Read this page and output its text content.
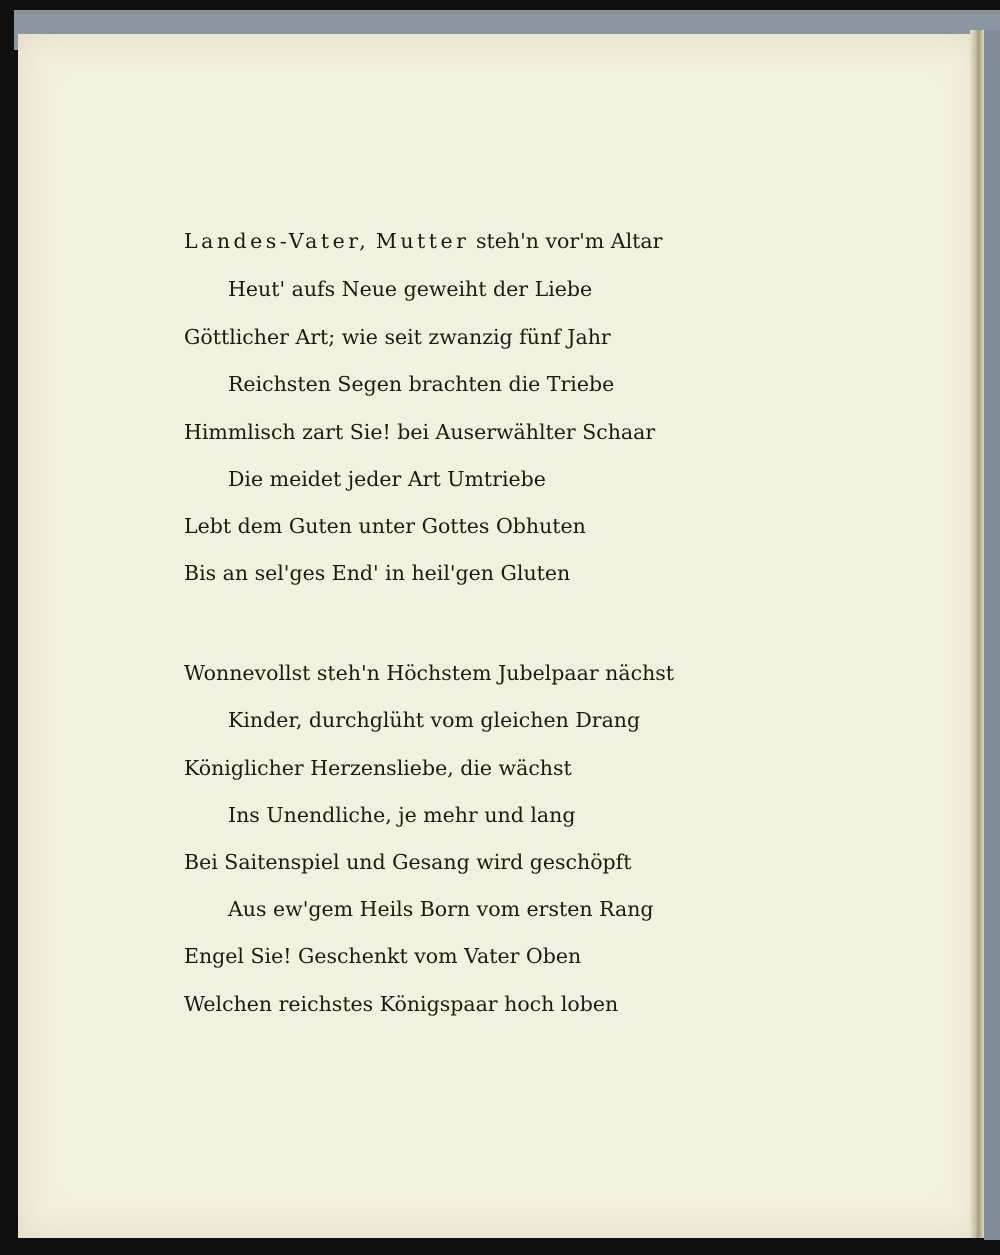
Landes-Vater, Mutter steh'n vor'm Altar
Heut' aufs Neue geweiht der Liebe
Göttlicher Art; wie seit zwanzig fünf Jahr
Reichsten Segen brachten die Triebe
Himmlisch zart Sie! bei Auserwählter Schaar
Die meidet jeder Art Umtriebe
Lebt dem Guten unter Gottes Obhuten
Bis an sel'ges End' in heil'gen Gluten
Wonnevollst steh'n Höchstem Jubelpaar nächst
Kinder, durchglüht vom gleichen Drang
Königlicher Herzensliebe, die wächst
Ins Unendliche, je mehr und lang
Bei Saitenspiel und Gesang wird geschöpft
Aus ew'gem Heils Born vom ersten Rang
Engel Sie! Geschenkt vom Vater Oben
Welchen reichstes Königspaar hoch loben
